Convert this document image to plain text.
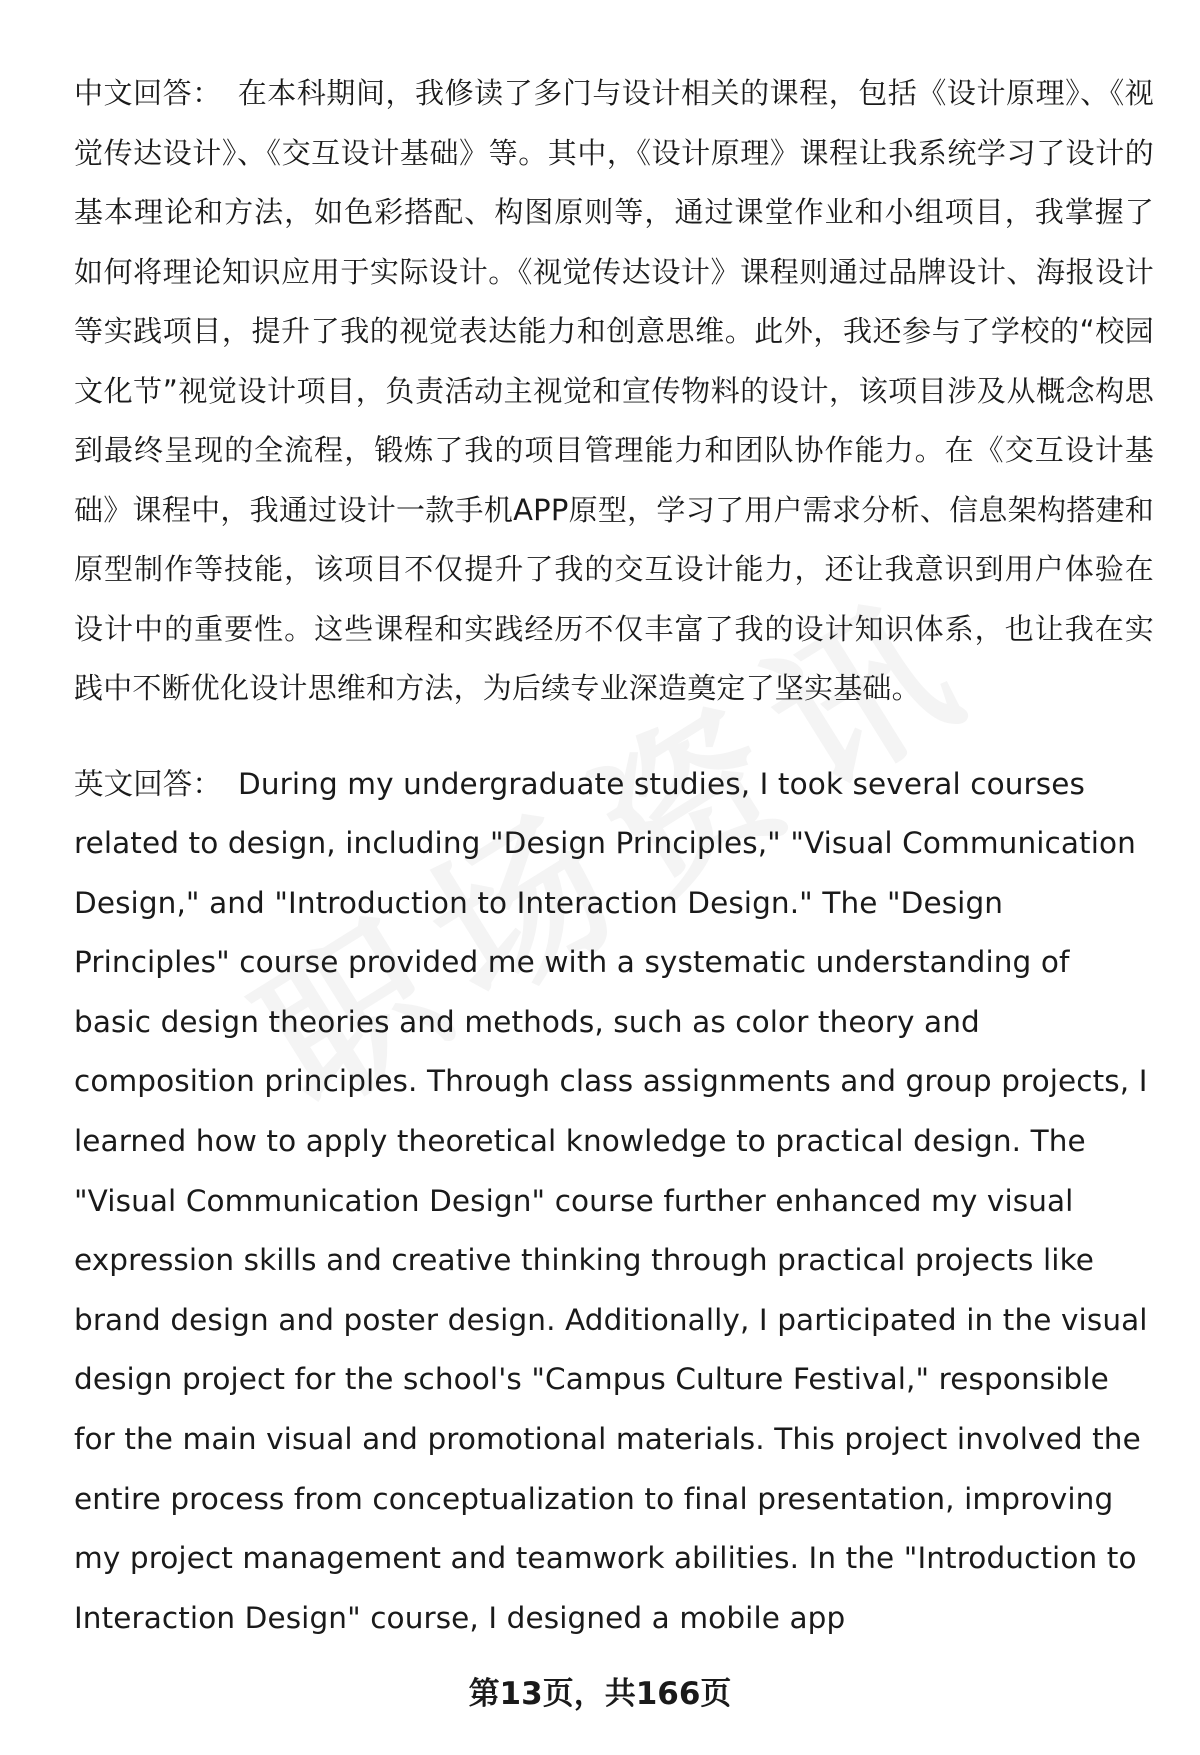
中文回答： 在本科期间，我修读了多门与设计相关的课程，包括《设计原理》、《视觉传达设计》、《交互设计基础》等。其中，《设计原理》课程让我系统学习了设计的基本理论和方法，如色彩搭配、构图原则等，通过课堂作业和小组项目，我掌握了如何将理论知识应用于实际设计。《视觉传达设计》课程则通过品牌设计、海报设计等实践项目，提升了我的视觉表达能力和创意思维。此外，我还参与了学校的“校园文化节”视觉设计项目，负责活动主视觉和宣传物料的设计，该项目涉及从概念构思到最终呈现的全流程，锻炼了我的项目管理能力和团队协作能力。在《交互设计基础》课程中，我通过设计一款手机APP原型，学习了用户需求分析、信息架构搭建和原型制作等技能，该项目不仅提升了我的交互设计能力，还让我意识到用户体验在设计中的重要性。这些课程和实践经历不仅丰富了我的设计知识体系，也让我在实践中不断优化设计思维和方法，为后续专业深造奠定了坚实基础。

英文回答： During my undergraduate studies, I took several courses related to design, including "Design Principles," "Visual Communication Design," and "Introduction to Interaction Design." The "Design Principles" course provided me with a systematic understanding of basic design theories and methods, such as color theory and composition principles. Through class assignments and group projects, I learned how to apply theoretical knowledge to practical design. The "Visual Communication Design" course further enhanced my visual expression skills and creative thinking through practical projects like brand design and poster design. Additionally, I participated in the visual design project for the school's "Campus Culture Festival," responsible for the main visual and promotional materials. This project involved the entire process from conceptualization to final presentation, improving my project management and teamwork abilities. In the "Introduction to Interaction Design" course, I designed a mobile app

第13页，共166页
